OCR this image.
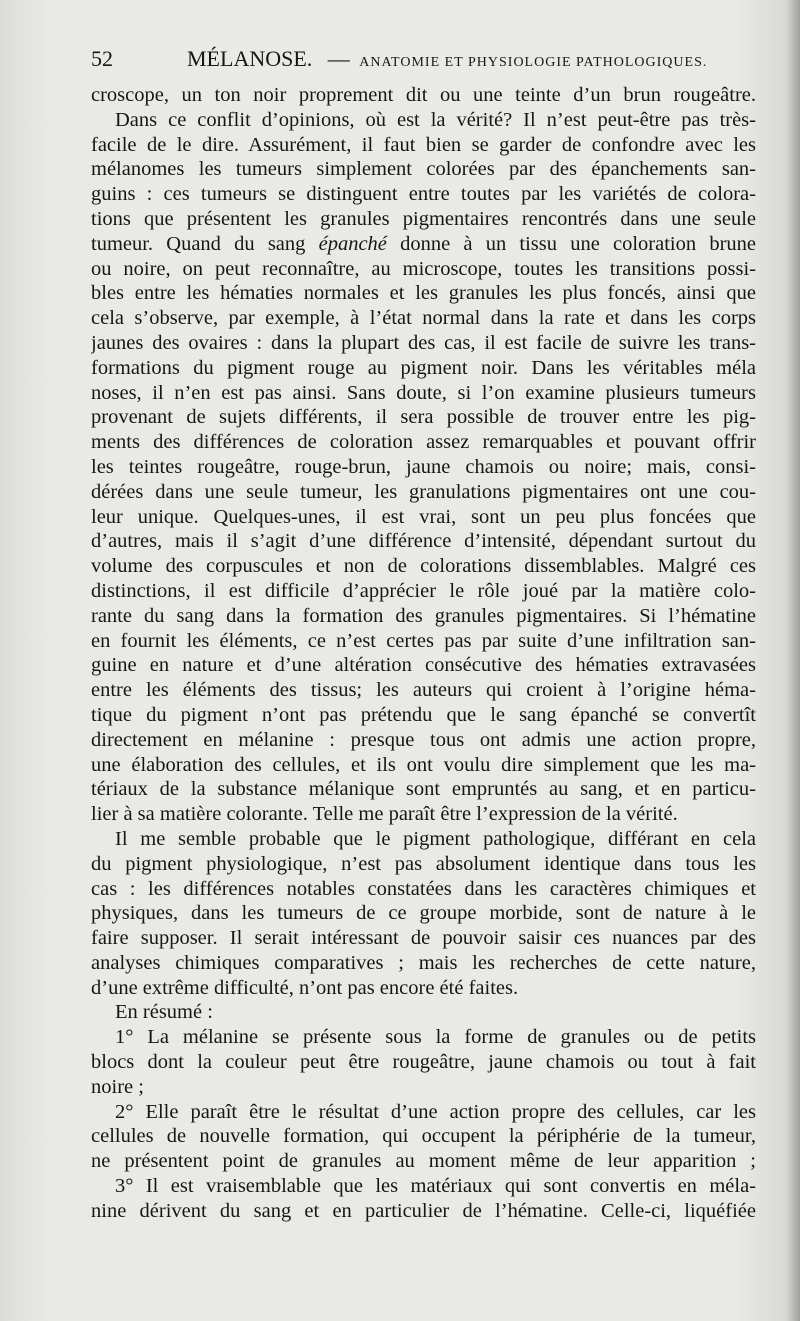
52	MÉLANOSE. — ANATOMIE ET PHYSIOLOGIE PATHOLOGIQUES.
croscope, un ton noir proprement dit ou une teinte d’un brun rougeâtre.
Dans ce conflit d’opinions, où est la vérité? Il n’est peut-être pas très-
facile de le dire. Assurément, il faut bien se garder de confondre avec les
mélanomes les tumeurs simplement colorées par des épanchements san-
guins : ces tumeurs se distinguent entre toutes par les variétés de colora-
tions que présentent les granules pigmentaires rencontrés dans une seule
tumeur. Quand du sang épanché donne à un tissu une coloration brune
ou noire, on peut reconnaître, au microscope, toutes les transitions possi-
bles entre les hématies normales et les granules les plus foncés, ainsi que
cela s’observe, par exemple, à l’état normal dans la rate et dans les corps
jaunes des ovaires : dans la plupart des cas, il est facile de suivre les trans-
formations du pigment rouge au pigment noir. Dans les véritables méla
noses, il n’en est pas ainsi. Sans doute, si l’on examine plusieurs tumeurs
provenant de sujets différents, il sera possible de trouver entre les pig-
ments des différences de coloration assez remarquables et pouvant offrir
les teintes rougeâtre, rouge-brun, jaune chamois ou noire; mais, consi-
dérées dans une seule tumeur, les granulations pigmentaires ont une cou-
leur unique. Quelques-unes, il est vrai, sont un peu plus foncées que
d’autres, mais il s’agit d’une différence d’intensité, dépendant surtout du
volume des corpuscules et non de colorations dissemblables. Malgré ces
distinctions, il est difficile d’apprécier le rôle joué par la matière colo-
rante du sang dans la formation des granules pigmentaires. Si l’hématine
en fournit les éléments, ce n’est certes pas par suite d’une infiltration san-
guine en nature et d’une altération consécutive des hématies extravasées
entre les éléments des tissus; les auteurs qui croient à l’origine héma-
tique du pigment n’ont pas prétendu que le sang épanché se convertît
directement en mélanine : presque tous ont admis une action propre,
une élaboration des cellules, et ils ont voulu dire simplement que les ma-
tériaux de la substance mélanique sont empruntés au sang, et en particu-
lier à sa matière colorante. Telle me paraît être l’expression de la vérité.
Il me semble probable que le pigment pathologique, différant en cela
du pigment physiologique, n’est pas absolument identique dans tous les
cas : les différences notables constatées dans les caractères chimiques et
physiques, dans les tumeurs de ce groupe morbide, sont de nature à le
faire supposer. Il serait intéressant de pouvoir saisir ces nuances par des
analyses chimiques comparatives ; mais les recherches de cette nature,
d’une extrême difficulté, n’ont pas encore été faites.
En résumé :
1° La mélanine se présente sous la forme de granules ou de petits
blocs dont la couleur peut être rougeâtre, jaune chamois ou tout à fait
noire ;
2° Elle paraît être le résultat d’une action propre des cellules, car les
cellules de nouvelle formation, qui occupent la périphérie de la tumeur,
ne présentent point de granules au moment même de leur apparition ;
3° Il est vraisemblable que les matériaux qui sont convertis en méla-
nine dérivent du sang et en particulier de l’hématine. Celle-ci, liquéfiée
